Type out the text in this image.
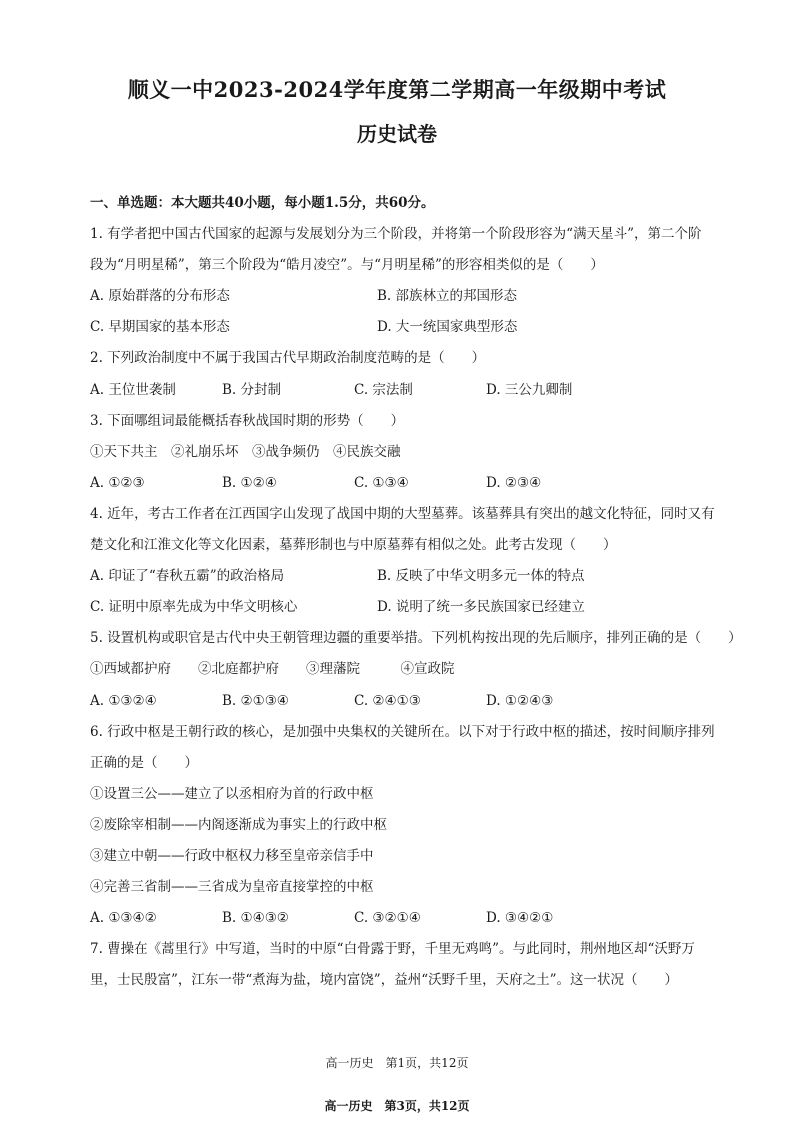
顺义一中2023-2024学年度第二学期高一年级期中考试
历史试卷
一、单选题：本大题共40小题，每小题1.5分，共60分。
1. 有学者把中国古代国家的起源与发展划分为三个阶段，并将第一个阶段形容为“满天星斗”，第二个阶
段为“月明星稀”，第三个阶段为“皓月凌空”。与“月明星稀”的形容相类似的是（　　）
A. 原始群落的分布形态	B. 部族林立的邦国形态
C. 早期国家的基本形态	D. 大一统国家典型形态
2. 下列政治制度中不属于我国古代早期政治制度范畴的是（　　）
A. 王位世袭制	B. 分封制	C. 宗法制	D. 三公九卿制
3. 下面哪组词最能概括春秋战国时期的形势（　　）
①天下共主　②礼崩乐坏　③战争频仍　④民族交融
A. ①②③	B. ①②④	C. ①③④	D. ②③④
4. 近年，考古工作者在江西国字山发现了战国中期的大型墓葬。该墓葬具有突出的越文化特征，同时又有
楚文化和江淮文化等文化因素，墓葬形制也与中原墓葬有相似之处。此考古发现（　　）
A. 印证了“春秋五霸”的政治格局	B. 反映了中华文明多元一体的特点
C. 证明中原率先成为中华文明核心	D. 说明了统一多民族国家已经建立
5. 设置机构或职官是古代中央王朝管理边疆的重要举措。下列机构按出现的先后顺序，排列正确的是（　　）
①西域都护府　　②北庭都护府　　③理藩院　　　④宣政院
A. ①③②④	B. ②①③④	C. ②④①③	D. ①②④③
6. 行政中枢是王朝行政的核心，是加强中央集权的关键所在。以下对于行政中枢的描述，按时间顺序排列
正确的是（　　）
①设置三公——建立了以丞相府为首的行政中枢
②废除宰相制——内阁逐渐成为事实上的行政中枢
③建立中朝——行政中枢权力移至皇帝亲信手中
④完善三省制——三省成为皇帝直接掌控的中枢
A. ①③④②	B. ①④③②	C. ③②①④	D. ③④②①
7. 曹操在《蒿里行》中写道，当时的中原“白骨露于野，千里无鸡鸣”。与此同时，荆州地区却“沃野万
里，士民殷富”，江东一带“煮海为盐，境内富饶”，益州“沃野千里，天府之土”。这一状况（　　）
高一历史　第1页，共12页
高一历史　第3页，共12页
